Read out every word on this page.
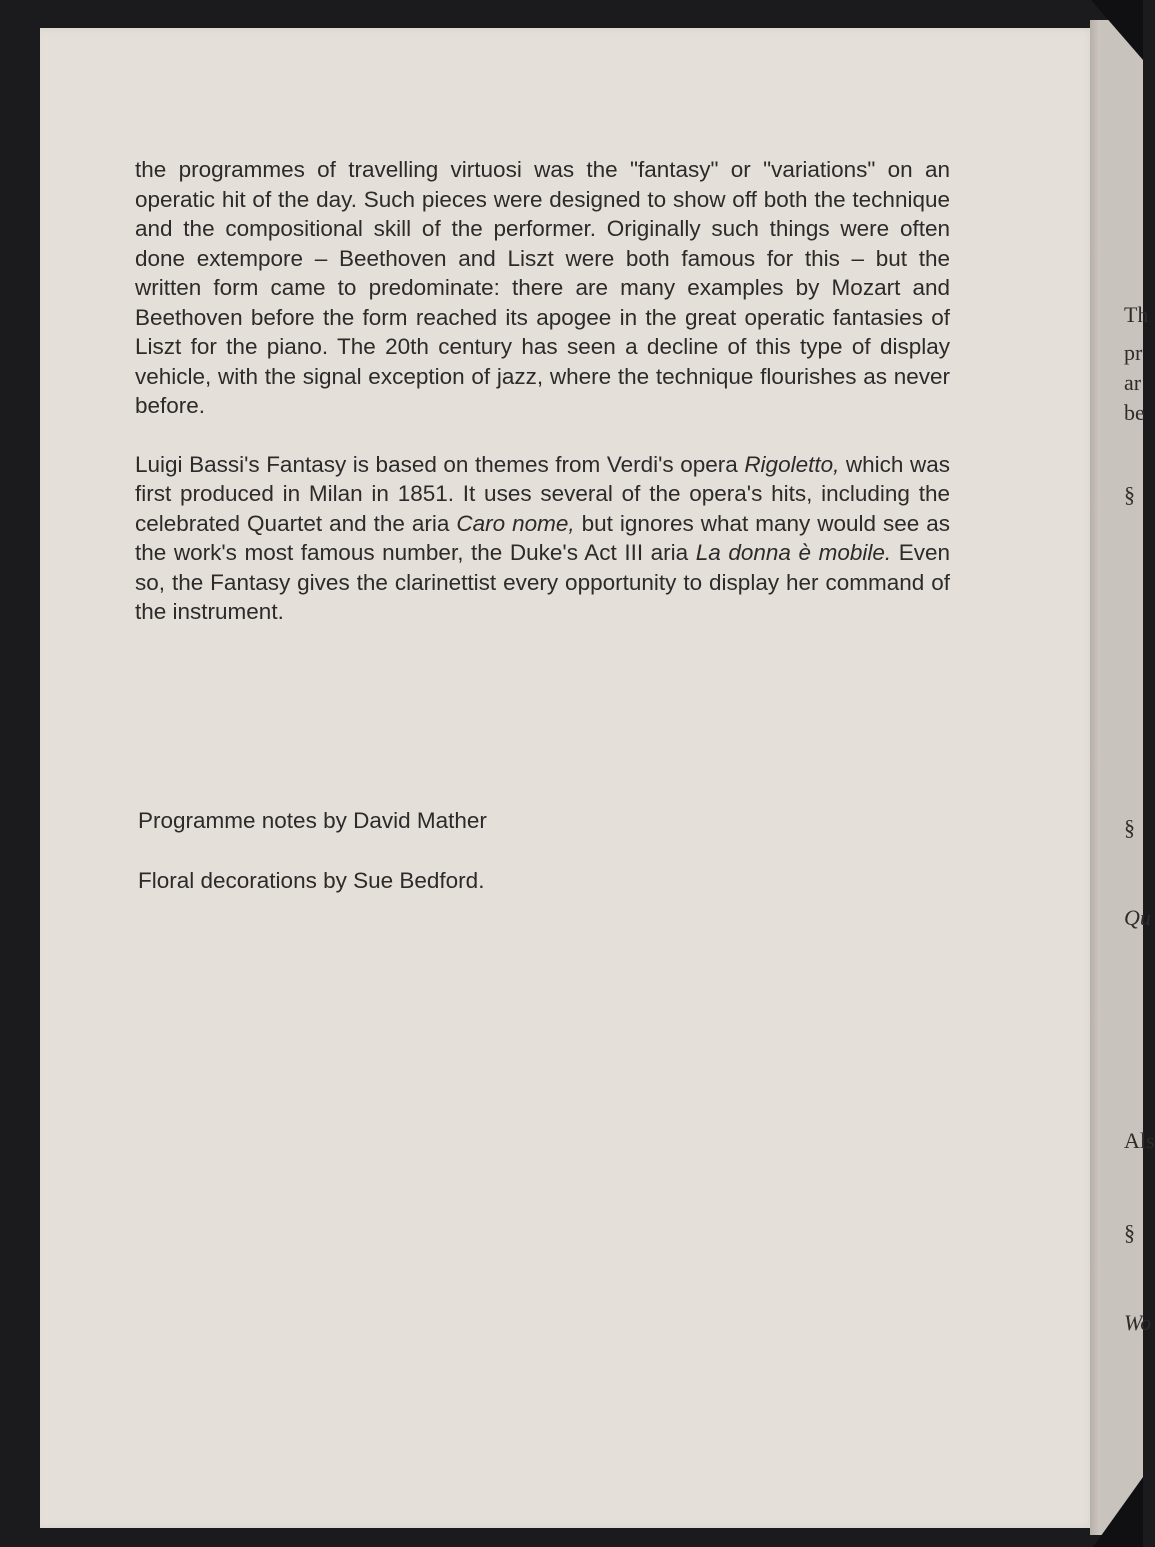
Th
pr
ar
be
§
§
Qu
Als
§
Wo

the programmes of travelling virtuosi was the "fantasy" or "variations" on an operatic hit of the day. Such pieces were designed to show off both the technique and the compositional skill of the performer. Originally such things were often done extempore – Beethoven and Liszt were both famous for this – but the written form came to predominate: there are many examples by Mozart and Beethoven before the form reached its apogee in the great operatic fantasies of Liszt for the piano. The 20th century has seen a decline of this type of display vehicle, with the signal exception of jazz, where the technique flourishes as never before.

Luigi Bassi's Fantasy is based on themes from Verdi's opera Rigoletto, which was first produced in Milan in 1851. It uses several of the opera's hits, including the celebrated Quartet and the aria Caro nome, but ignores what many would see as the work's most famous number, the Duke's Act III aria La donna è mobile. Even so, the Fantasy gives the clarinettist every opportunity to display her command of the instrument.

Programme notes by David Mather

Floral decorations by Sue Bedford.
